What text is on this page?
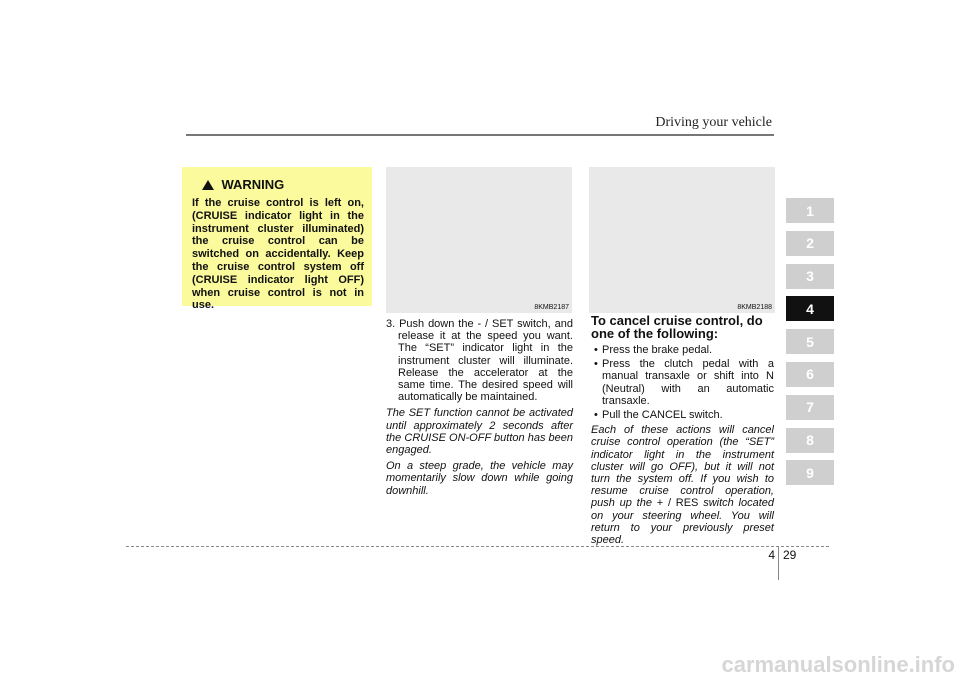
Driving your vehicle
WARNING
If the cruise control is left on, (CRUISE indicator light in the instrument cluster illuminated) the cruise control can be switched on accidentally. Keep the cruise control system off (CRUISE indicator light OFF) when cruise control is not in use.	8KMB2187	8KMB2188

3. Push down the - / SET switch, and release it at the speed you want. The “SET” indicator light in the instrument cluster will illuminate. Release the accelerator at the same time. The desired speed will automatically be maintained.

The SET function cannot be activated until approximately 2 seconds after the CRUISE ON-OFF button has been engaged.

On a steep grade, the vehicle may momentarily slow down while going downhill.

To cancel cruise control, do one of the following:
• Press the brake pedal.
• Press the clutch pedal with a manual transaxle or shift into N (Neutral) with an automatic transaxle.
• Pull the CANCEL switch.

Each of these actions will cancel cruise control operation (the “SET” indicator light in the instrument cluster will go OFF), but it will not turn the system off. If you wish to resume cruise control operation, push up the + / RES switch located on your steering wheel. You will return to your previously preset speed.

1
2
3
4
5
6
7
8
9
4 29
carmanualsonline.info
